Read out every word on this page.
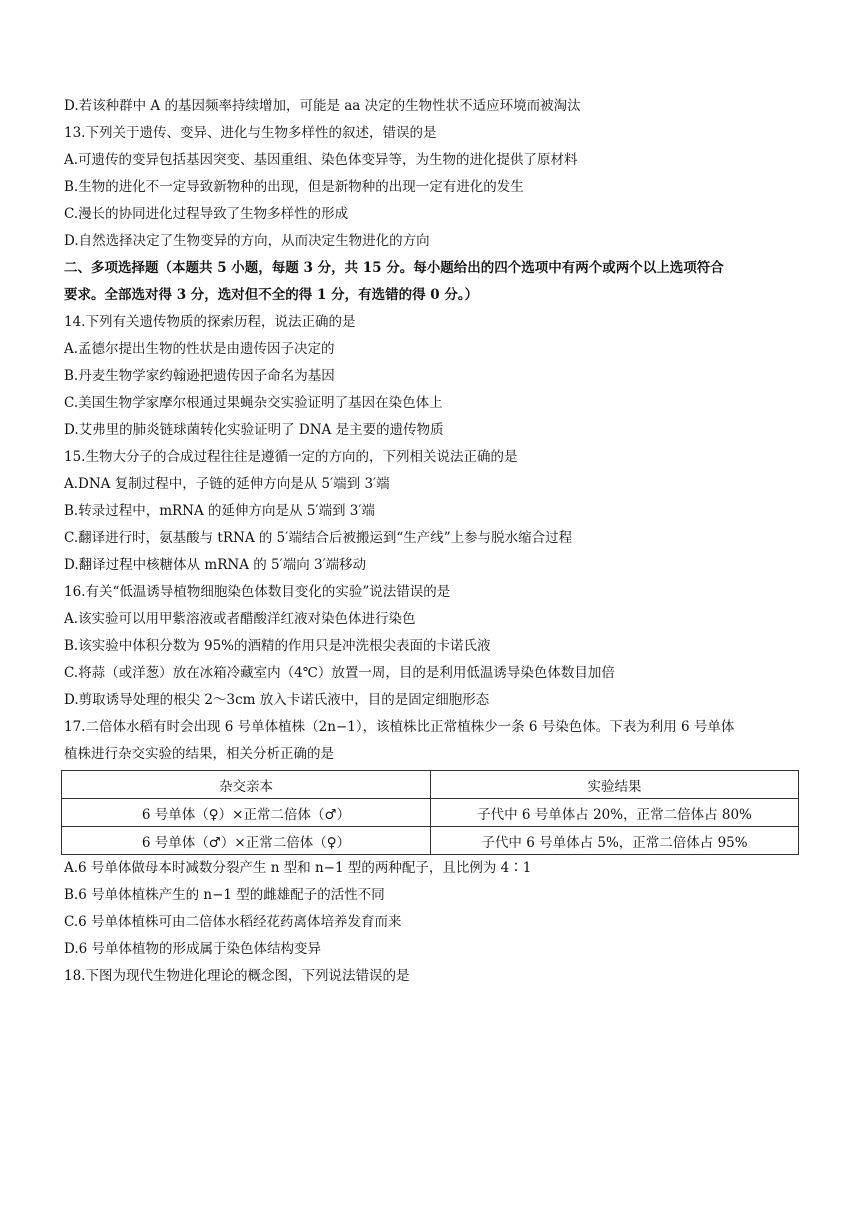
D.若该种群中 A 的基因频率持续增加，可能是 aa 决定的生物性状不适应环境而被淘汰
13.下列关于遗传、变异、进化与生物多样性的叙述，错误的是
A.可遗传的变异包括基因突变、基因重组、染色体变异等，为生物的进化提供了原材料
B.生物的进化不一定导致新物种的出现，但是新物种的出现一定有进化的发生
C.漫长的协同进化过程导致了生物多样性的形成
D.自然选择决定了生物变异的方向，从而决定生物进化的方向
二、多项选择题（本题共 5 小题，每题 3 分，共 15 分。每小题给出的四个选项中有两个或两个以上选项符合
要求。全部选对得 3 分，选对但不全的得 1 分，有选错的得 0 分。）
14.下列有关遗传物质的探索历程，说法正确的是
A.孟德尔提出生物的性状是由遗传因子决定的
B.丹麦生物学家约翰逊把遗传因子命名为基因
C.美国生物学家摩尔根通过果蝇杂交实验证明了基因在染色体上
D.艾弗里的肺炎链球菌转化实验证明了 DNA 是主要的遗传物质
15.生物大分子的合成过程往往是遵循一定的方向的，下列相关说法正确的是
A.DNA 复制过程中，子链的延伸方向是从 5′端到 3′端
B.转录过程中，mRNA 的延伸方向是从 5′端到 3′端
C.翻译进行时，氨基酸与 tRNA 的 5′端结合后被搬运到“生产线”上参与脱水缩合过程
D.翻译过程中核糖体从 mRNA 的 5′端向 3′端移动
16.有关“低温诱导植物细胞染色体数目变化的实验”说法错误的是
A.该实验可以用甲紫溶液或者醋酸洋红液对染色体进行染色
B.该实验中体积分数为 95%的酒精的作用只是冲洗根尖表面的卡诺氏液
C.将蒜（或洋葱）放在冰箱冷藏室内（4℃）放置一周，目的是利用低温诱导染色体数目加倍
D.剪取诱导处理的根尖 2～3cm 放入卡诺氏液中，目的是固定细胞形态
17.二倍体水稻有时会出现 6 号单体植株（2n−1），该植株比正常植株少一条 6 号染色体。下表为利用 6 号单体
植株进行杂交实验的结果，相关分析正确的是
杂交亲本	实验结果
6 号单体（♀）×正常二倍体（♂）	子代中 6 号单体占 20%，正常二倍体占 80%
6 号单体（♂）×正常二倍体（♀）	子代中 6 号单体占 5%，正常二倍体占 95%
A.6 号单体做母本时减数分裂产生 n 型和 n−1 型的两种配子，且比例为 4∶1
B.6 号单体植株产生的 n−1 型的雌雄配子的活性不同
C.6 号单体植株可由二倍体水稻经花药离体培养发育而来
D.6 号单体植物的形成属于染色体结构变异
18.下图为现代生物进化理论的概念图，下列说法错误的是
